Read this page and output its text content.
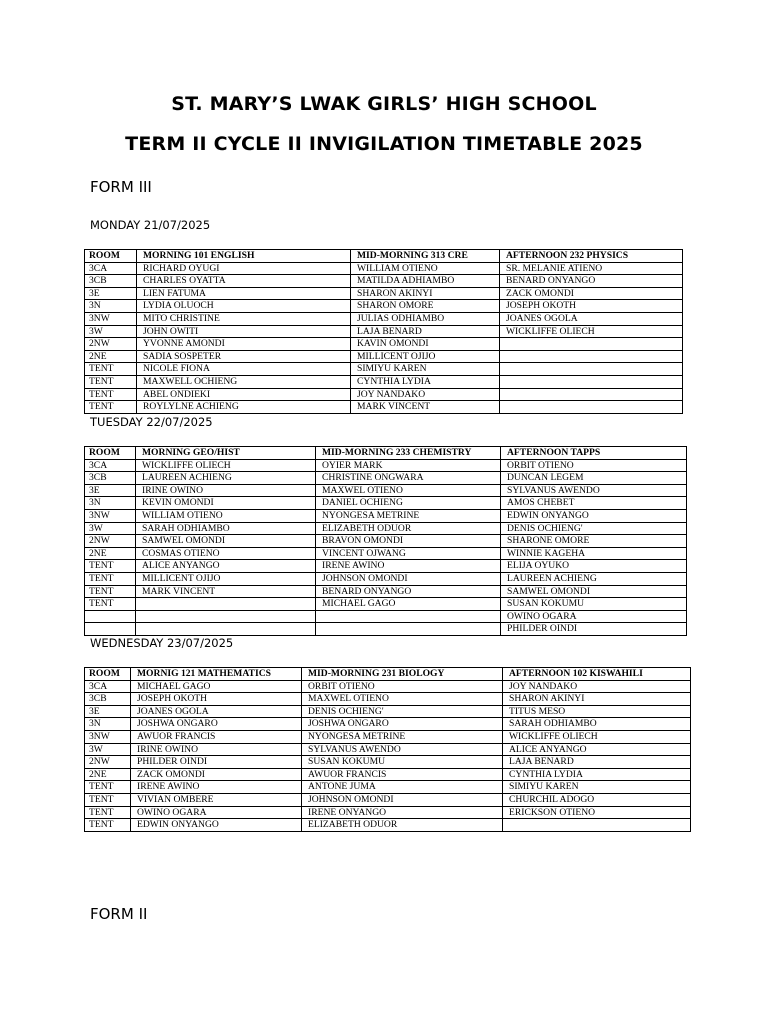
ST. MARY’S LWAK GIRLS’ HIGH SCHOOL
TERM II CYCLE II INVIGILATION TIMETABLE 2025
FORM III
MONDAY 21/07/2025
ROOM	MORNING 101 ENGLISH	MID-MORNING 313 CRE	AFTERNOON 232 PHYSICS
3CA	RICHARD OYUGI	WILLIAM OTIENO	SR. MELANIE ATIENO
3CB	CHARLES OYATTA	MATILDA ADHIAMBO	BENARD ONYANGO
3E	LIEN FATUMA	SHARON AKINYI	ZACK OMONDI
3N	LYDIA OLUOCH	SHARON OMORE	JOSEPH OKOTH
3NW	MITO CHRISTINE	JULIAS ODHIAMBO	JOANES OGOLA
3W	JOHN OWITI	LAJA BENARD	WICKLIFFE OLIECH
2NW	YVONNE AMONDI	KAVIN OMONDI	
2NE	SADIA SOSPETER	MILLICENT OJIJO	
TENT	NICOLE FIONA	SIMIYU KAREN	
TENT	MAXWELL OCHIENG	CYNTHIA LYDIA	
TENT	ABEL ONDIEKI	JOY NANDAKO	
TENT	ROYLYLNE ACHIENG	MARK VINCENT	
TUESDAY 22/07/2025
ROOM	MORNING GEO/HIST	MID-MORNING 233 CHEMISTRY	AFTERNOON TAPPS
3CA	WICKLIFFE OLIECH	OYIER MARK	ORBIT OTIENO
3CB	LAUREEN ACHIENG	CHRISTINE ONGWARA	DUNCAN LEGEM
3E	IRINE OWINO	MAXWEL OTIENO	SYLVANUS AWENDO
3N	KEVIN OMONDI	DANIEL OCHIENG	AMOS CHEBET
3NW	WILLIAM OTIENO	NYONGESA METRINE	EDWIN ONYANGO
3W	SARAH ODHIAMBO	ELIZABETH ODUOR	DENIS OCHIENG'
2NW	SAMWEL OMONDI	BRAVON OMONDI	SHARONE OMORE
2NE	COSMAS OTIENO	VINCENT OJWANG	WINNIE KAGEHA
TENT	ALICE ANYANGO	IRENE AWINO	ELIJA OYUKO
TENT	MILLICENT OJIJO	JOHNSON OMONDI	LAUREEN ACHIENG
TENT	MARK VINCENT	BENARD ONYANGO	SAMWEL OMONDI
TENT		MICHAEL GAGO	SUSAN KOKUMU
			OWINO OGARA
			PHILDER OINDI
WEDNESDAY 23/07/2025
ROOM	MORNIG 121 MATHEMATICS	MID-MORNING 231 BIOLOGY	AFTERNOON 102 KISWAHILI
3CA	MICHAEL GAGO	ORBIT OTIENO	JOY NANDAKO
3CB	JOSEPH OKOTH	MAXWEL OTIENO	SHARON AKINYI
3E	JOANES OGOLA	DENIS OCHIENG'	TITUS MESO
3N	JOSHWA ONGARO	JOSHWA ONGARO	SARAH ODHIAMBO
3NW	AWUOR FRANCIS	NYONGESA METRINE	WICKLIFFE OLIECH
3W	IRINE OWINO	SYLVANUS AWENDO	ALICE ANYANGO
2NW	PHILDER OINDI	SUSAN KOKUMU	LAJA BENARD
2NE	ZACK OMONDI	AWUOR FRANCIS	CYNTHIA LYDIA
TENT	IRENE AWINO	ANTONE JUMA	SIMIYU KAREN
TENT	VIVIAN OMBERE	JOHNSON OMONDI	CHURCHIL ADOGO
TENT	OWINO OGARA	IRENE ONYANGO	ERICKSON OTIENO
TENT	EDWIN ONYANGO	ELIZABETH ODUOR	
FORM II
